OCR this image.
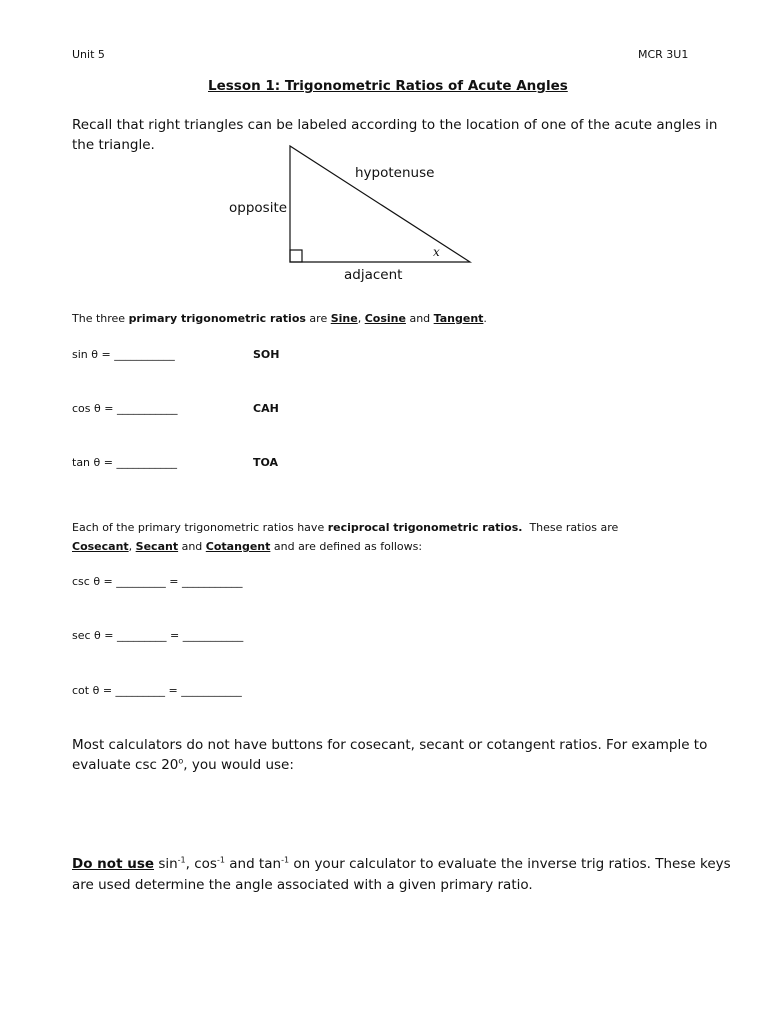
Unit 5	MCR 3U1
Lesson 1: Trigonometric Ratios of Acute Angles
Recall that right triangles can be labeled according to the location of one of the acute angles in
the triangle.
hypotenuse
opposite
adjacent
x
The three primary trigonometric ratios are Sine, Cosine and Tangent.
sin θ = ___________	SOH
cos θ = ___________	CAH
tan θ = ___________	TOA
Each of the primary trigonometric ratios have reciprocal trigonometric ratios. These ratios are
Cosecant, Secant and Cotangent and are defined as follows:
csc θ = _________ = ___________
sec θ = _________ = ___________
cot θ = _________ = ___________
Most calculators do not have buttons for cosecant, secant or cotangent ratios. For example to
evaluate csc 20$^o$, you would use:
Do not use $\sin^{-1}$, $\cos^{-1}$ and $\tan^{-1}$ on your calculator to evaluate the inverse trig ratios. These keys
are used determine the angle associated with a given primary ratio.
